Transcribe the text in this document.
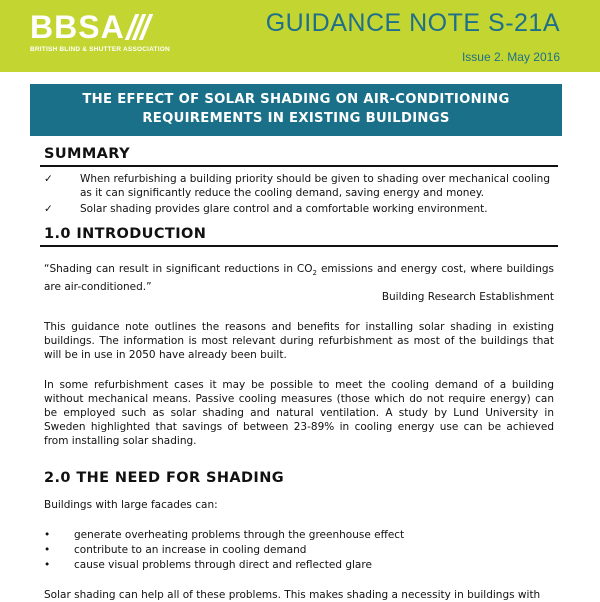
BBSA
BRITISH BLIND & SHUTTER ASSOCIATION
GUIDANCE NOTE S-21A
Issue 2. May 2016
THE EFFECT OF SOLAR SHADING ON AIR-CONDITIONING
REQUIREMENTS IN EXISTING BUILDINGS
SUMMARY
✓	When refurbishing a building priority should be given to shading over mechanical cooling as it can significantly reduce the cooling demand, saving energy and money.
✓	Solar shading provides glare control and a comfortable working environment.
1.0 INTRODUCTION
“Shading can result in significant reductions in $CO_2$ emissions and energy cost, where buildings are air-conditioned.”
Building Research Establishment
This guidance note outlines the reasons and benefits for installing solar shading in existing buildings. The information is most relevant during refurbishment as most of the buildings that will be in use in 2050 have already been built.
In some refurbishment cases it may be possible to meet the cooling demand of a building without mechanical means. Passive cooling measures (those which do not require energy) can be employed such as solar shading and natural ventilation. A study by Lund University in Sweden highlighted that savings of between 23-89% in cooling energy use can be achieved from installing solar shading.
2.0 THE NEED FOR SHADING
Buildings with large facades can:
•	generate overheating problems through the greenhouse effect
•	contribute to an increase in cooling demand
•	cause visual problems through direct and reflected glare
Solar shading can help all of these problems. This makes shading a necessity in buildings with
